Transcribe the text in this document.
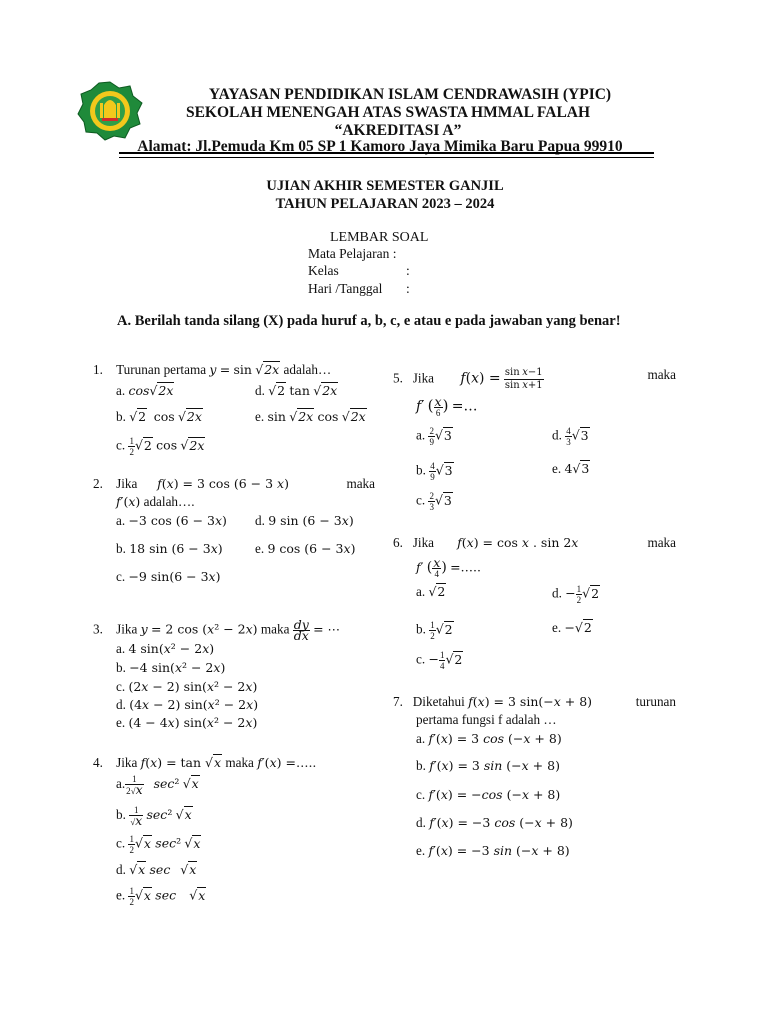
YAYASAN PENDIDIKAN ISLAM CENDRAWASIH (YPIC)
SEKOLAH MENENGAH ATAS SWASTA HMMAL FALAH
“AKREDITASI A”
Alamat: Jl.Pemuda Km 05 SP 1 Kamoro Jaya Mimika Baru Papua 99910
UJIAN AKHIR SEMESTER GANJIL
TAHUN PELAJARAN 2023 – 2024
LEMBAR SOAL
Mata Pelajaran :
Kelas	:
Hari /Tanggal :
A. Berilah tanda silang (X) pada huruf a, b, c, e atau e pada jawaban yang benar!
1. Turunan pertama y = sin √2x adalah…
a. cos√2x	d. √2 tan √2x
b. √2 cos √2x	e. sin √2x cos √2x
c. $\frac{1}{2} √2$ cos √2x
2. Jika f(x) = 3 cos (6 − 3 x)	maka
f′(x) adalah….
a. −3 cos (6 − 3x) d. 9 sin (6 − 3x)
b. 18 sin (6 − 3x) e. 9 cos (6 − 3x)
c. −9 sin(6 − 3x)
3. Jika y = 2 cos (x² − 2x) maka $\frac{dy}{dx}$ = ⋯
a. 4 sin(x² − 2x)
b. −4 sin(x² − 2x)
c. (2x − 2) sin(x² − 2x)
d. (4x − 2) sin(x² − 2x)
e. (4 − 4x) sin(x² − 2x)
4. Jika f(x) = tan √x maka f′(x) =…..
a. $\frac{1}{2√x} \sec^2$ √x
b. $\frac{1}{√x} \sec^2$ √x
c. $\frac{1}{2} √x$ sec² √x
d. √x sec √x
e. $\frac{1}{2} √x$ sec √x
5. Jika $f(x) = \frac{\text{sin x−1}}{\text{sin x+1}}$	maka
f′ ( x
6 ) =…
a. $\frac{2}{9} √3$	d. $\frac{4}{3} √3$
b. $\frac{4}{9} √3$	e. 4√3
c. $\frac{2}{3} √3$
6. Jika f(x) = cos x . sin 2x	maka
f′ ( x
4 ) =…..
a. √2	d. − $\frac{1}{2} √2$
b. $\frac{1}{2} √2$	e. −√2
c. − $\frac{1}{4} √2$
7. Diketahui f(x) = 3 sin(−x + 8)	turunan
pertama fungsi f adalah …
a. f′(x) = 3 cos (−x + 8)
b. f′(x) = 3 sin (−x + 8)
c. f′(x) = −cos (−x + 8)
d. f′(x) = −3 cos (−x + 8)
e. f′(x) = −3 sin (−x + 8)
